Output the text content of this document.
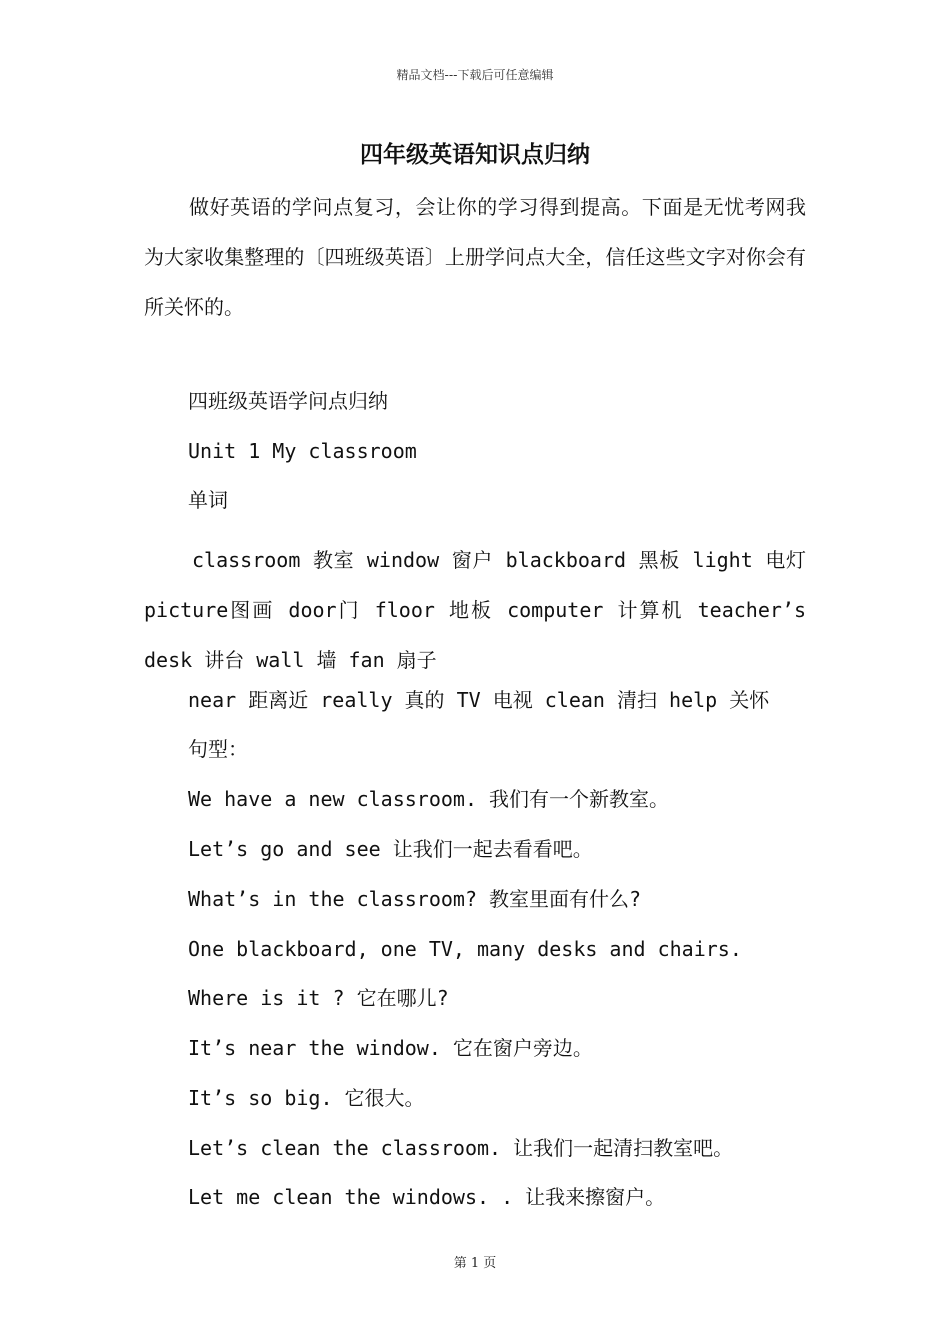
精品文档---下载后可任意编辑
四年级英语知识点归纳

做好英语的学问点复习，会让你的学习得到提高。下面是无忧考网我为大家收集整理的〔四班级英语〕上册学问点大全，信任这些文字对你会有所关怀的。

四班级英语学问点归纳

Unit 1 My classroom

单词

classroom 教室 window 窗户 blackboard 黑板 light 电灯 picture图画 door门 floor 地板 computer 计算机 teacher’s desk 讲台 wall 墙 fan 扇子

near 距离近 really 真的 TV 电视 clean 清扫 help 关怀

句型：

We have a new classroom. 我们有一个新教室。

Let’s go and see 让我们一起去看看吧。

What’s in the classroom? 教室里面有什么?

One blackboard, one TV, many desks and chairs.

Where is it ? 它在哪儿?

It’s near the window. 它在窗户旁边。

It’s so big. 它很大。

Let’s clean the classroom. 让我们一起清扫教室吧。

Let me clean the windows. . 让我来擦窗户。

第 1 页
